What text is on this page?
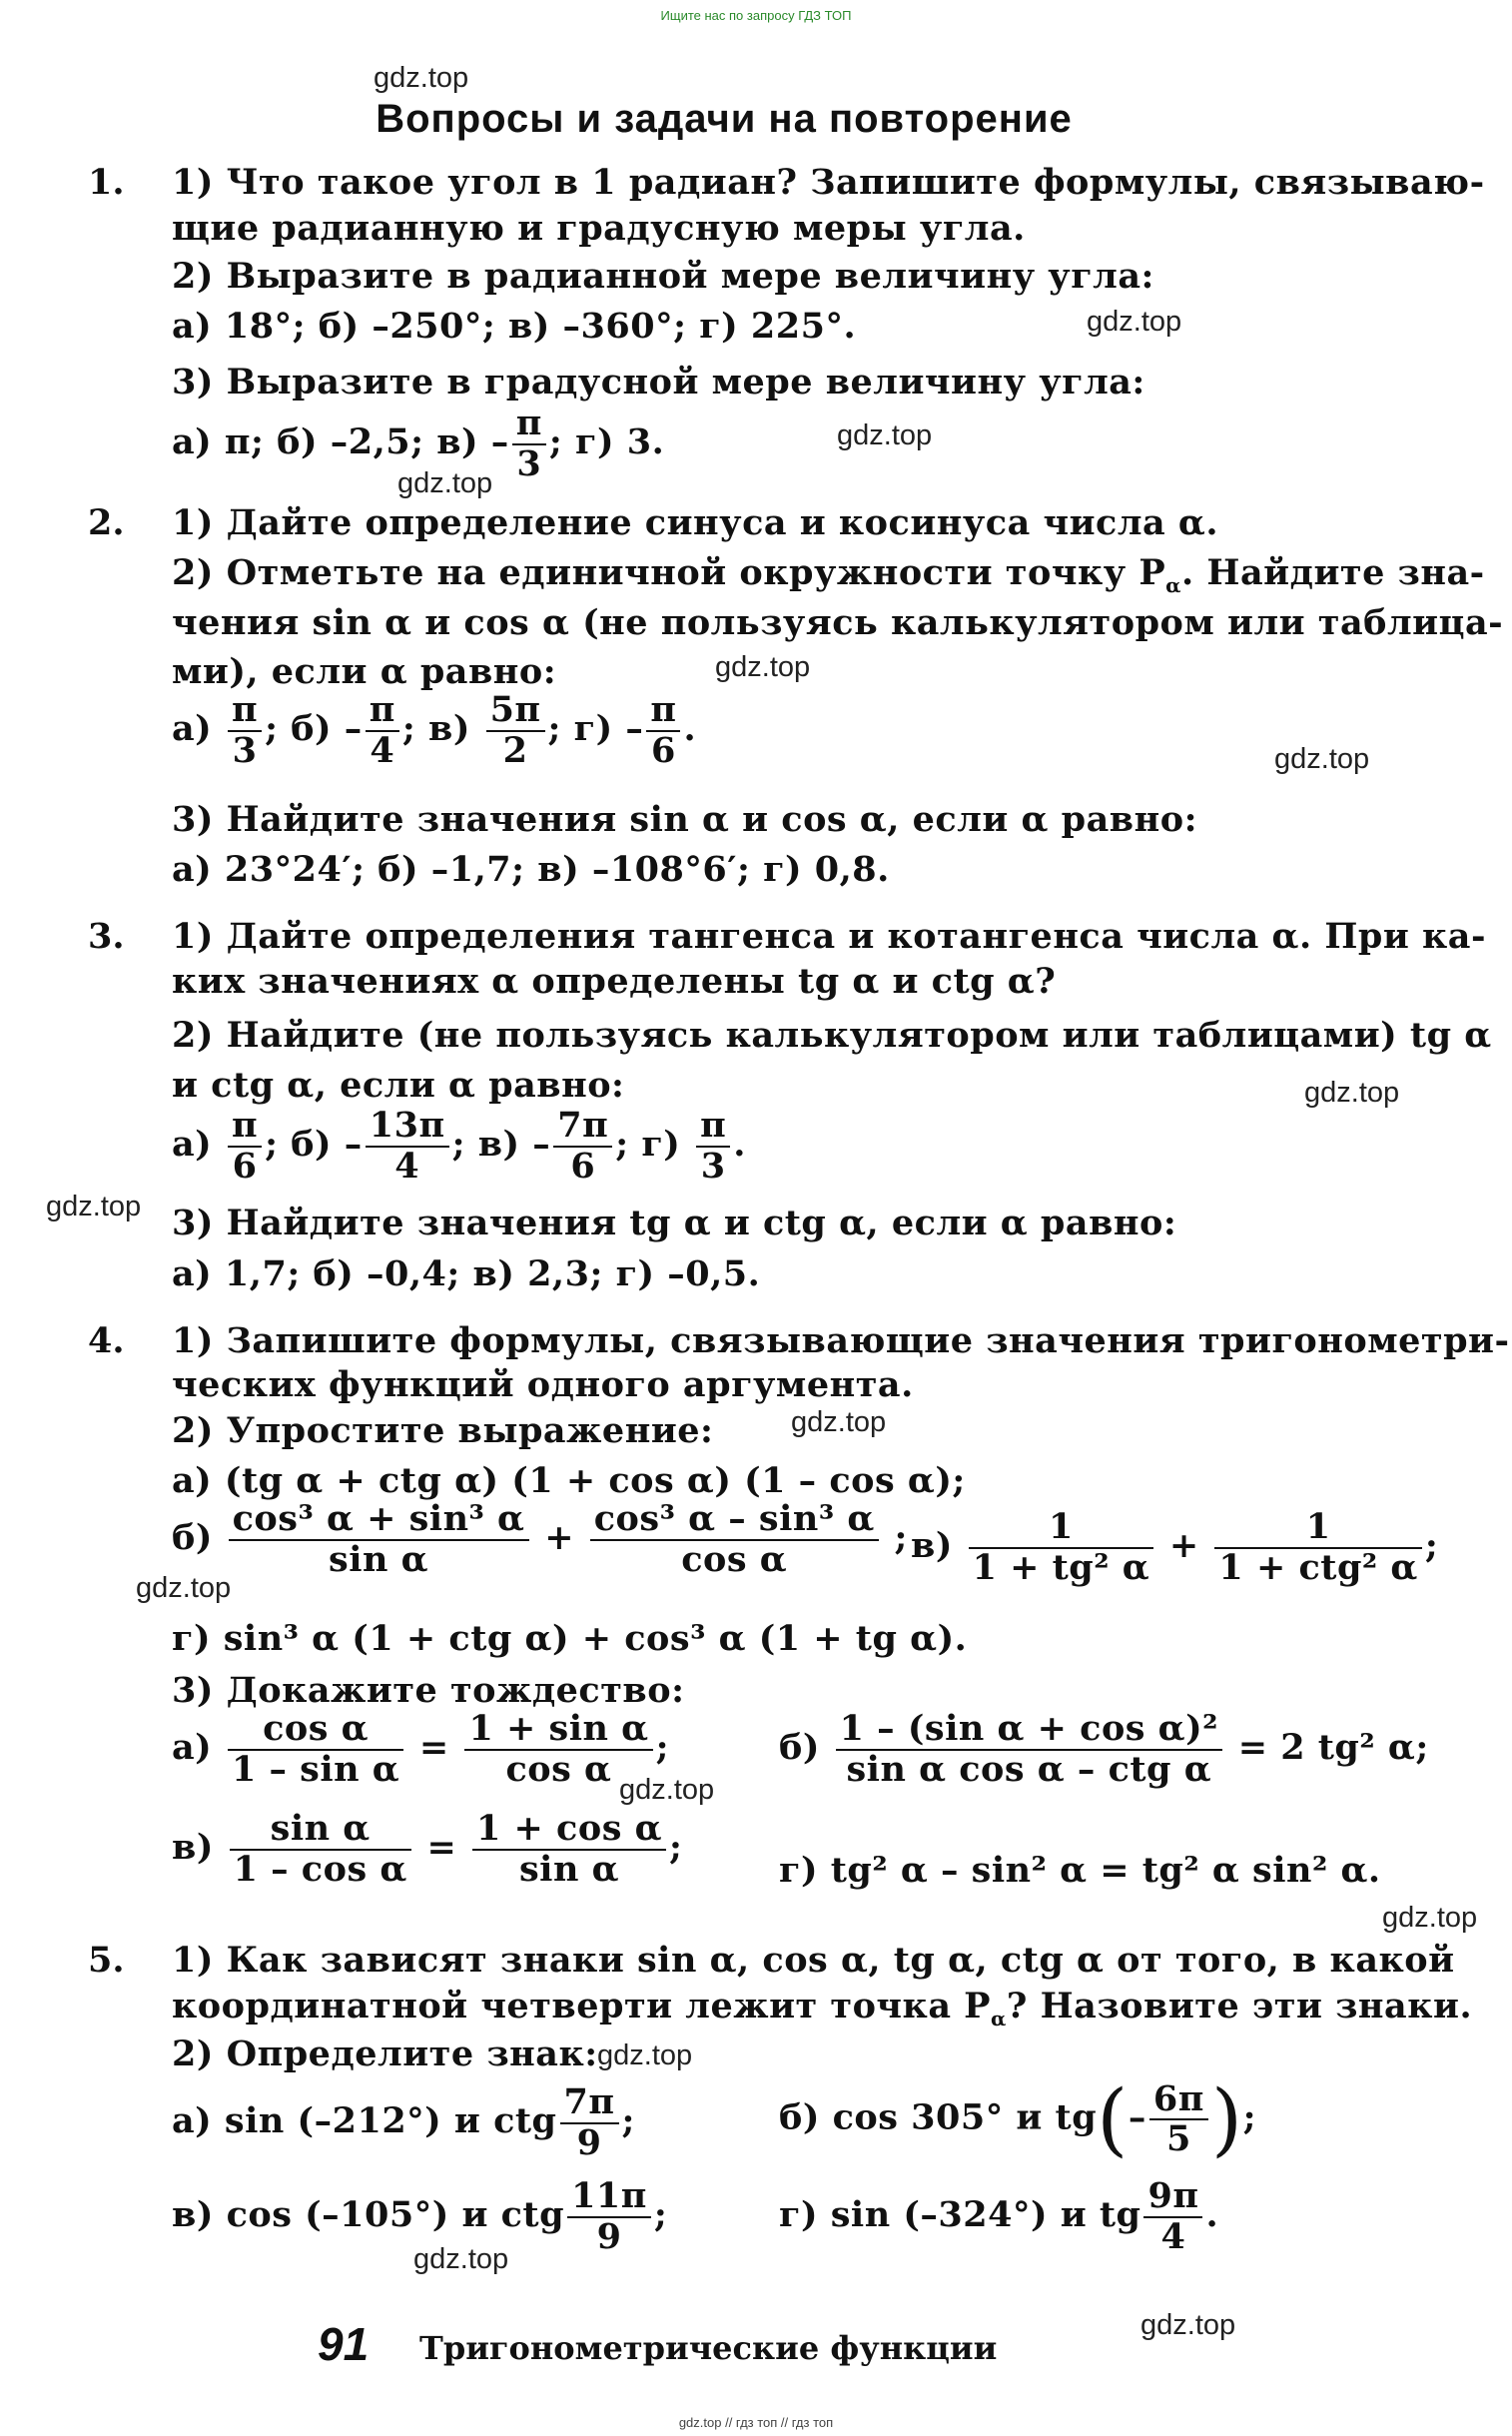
Ищите нас по запросу ГДЗ ТОП
gdz.top
Вопросы и задачи на повторение
1. 1) Что такое угол в 1 радиан? Запишите формулы, связываю-
щие радианную и градусную меры угла.
2) Выразите в радианной мере величину угла:
а) 18°; б) –250°; в) –360°; г) 225°.	gdz.top
3) Выразите в градусной мере величину угла:
а) π; б) –2,5; $в) - \frac{\pi}{3}$ ; г) 3.	gdz.top
gdz.top
2. 1) Дайте определение синуса и косинуса числа α.
2) Отметьте на единичной окружности точку $P_\alpha$. Найдите зна-
чения sin α и cos α (не пользуясь калькулятором или таблица-
ми), если α равно:	gdz.top
$а) \frac{\pi}{3}$ ; $б) - \frac{\pi}{4}$ ; $в) \frac{5\pi}{2}$ ; $г) - \frac{\pi}{6}$ .
gdz.top
3) Найдите значения sin α и cos α, если α равно:
а) 23°24′; б) –1,7; в) –108°6′; г) 0,8.
3. 1) Дайте определения тангенса и котангенса числа α. При ка-
ких значениях α определены tg α и ctg α?
2) Найдите (не пользуясь калькулятором или таблицами) tg α
и ctg α, если α равно:	gdz.top
$а) \frac{\pi}{6}$ ; $б) - \frac{13\pi}{4}$ ; $в) - \frac{7\pi}{6}$ ; $г) \frac{\pi}{3}$ .
gdz.top 3) Найдите значения tg α и ctg α, если α равно:
а) 1,7; б) –0,4; в) 2,3; г) –0,5.
4. 1) Запишите формулы, связывающие значения тригонометри-
ческих функций одного аргумента.
2) Упростите выражение:	gdz.top
а) (tg α + ctg α) (1 + cos α) (1 – cos α);
$б) \frac{\text{cos³ α + sin³ α}}{\text{sin α}} + \frac{\text{cos³ α – sin³ α}}{\text{cos α}}$ ; $в) \frac{1}{\text{1 + tg² α}} + \frac{1}{\text{1 + ctg² α}}$ ;
gdz.top
г) sin³ α (1 + ctg α) + cos³ α (1 + tg α).
3) Докажите тождество:
$а) \frac{\text{cos α}}{\text{1 – sin α}} = \frac{\text{1 + sin α}}{\text{cos α}}$ ;
gdz.top
$б) \frac{\text{1 – (sin α + cos α)²}}{\text{sin α cos α – ctg α}} = 2$ tg² α;
$в) \frac{\text{sin α}}{\text{1 – cos α}} = \frac{\text{1 + cos α}}{\text{sin α}}$ ;
г) tg² α – sin² α = tg² α sin² α.
gdz.top
5. 1) Как зависят знаки sin α, cos α, tg α, ctg α от того, в какой
координатной четверти лежит точка $P_\alpha$? Назовите эти знаки.
2) Определите знак: gdz.top
а) sin (–212°) и ctg $\frac{7\pi}{9}$ ;	б) cos 305° и $tg(- \frac{6\pi}{5}$ );
в) cos (–105°) и ctg $\frac{11\pi}{9}$ ;	г) sin (–324°) и tg $\frac{9\pi}{4}$ .
gdz.top
91 Тригонометрические функции
gdz.top
gdz.top // гдз топ // гдз топ
